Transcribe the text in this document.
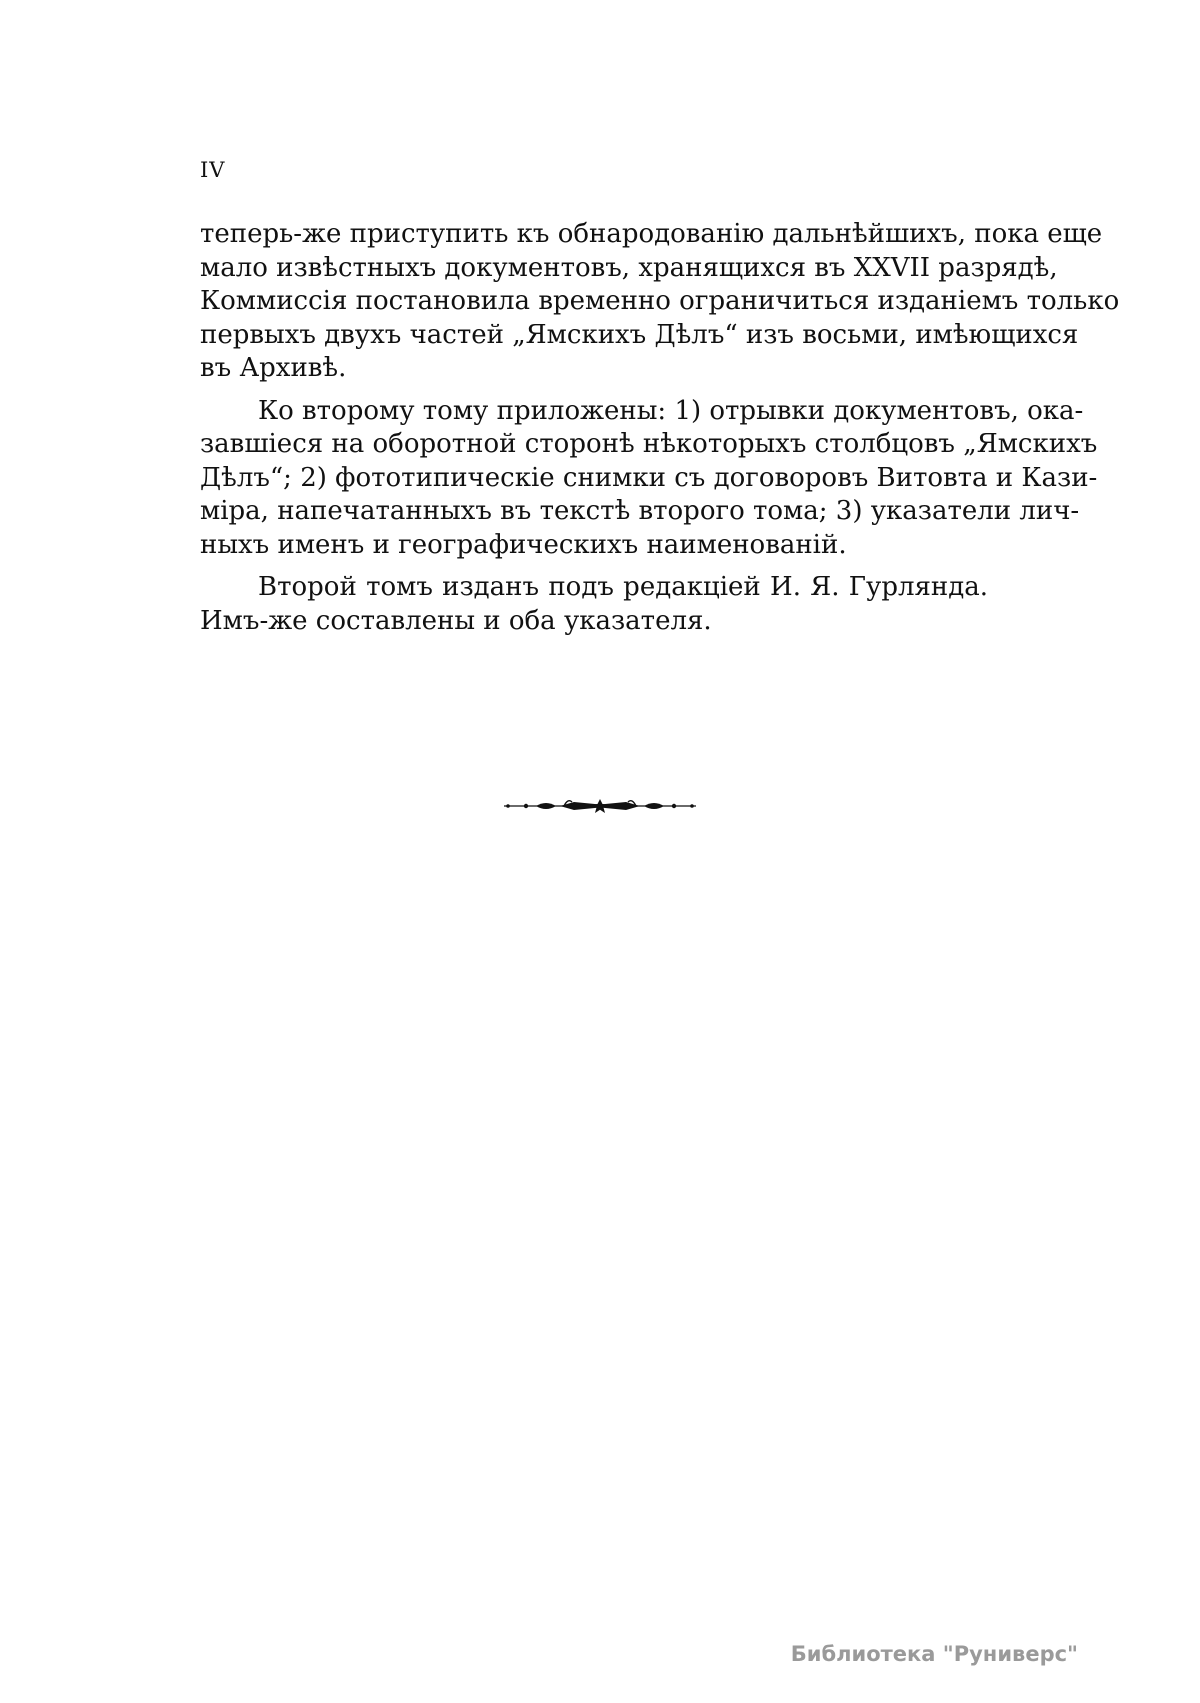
IV
теперь-же приступить къ обнародованію дальнѣйшихъ, пока еще
мало извѣстныхъ документовъ, хранящихся въ XXVII разрядѣ,
Коммиссія постановила временно ограничиться изданіемъ только
первыхъ двухъ частей „Ямскихъ Дѣлъ“ изъ восьми, имѣющихся
въ Архивѣ.
Ко второму тому приложены: 1) отрывки документовъ, ока-
завшіеся на оборотной сторонѣ нѣкоторыхъ столбцовъ „Ямскихъ
Дѣлъ“; 2) фототипическіе снимки съ договоровъ Витовта и Кази-
міра, напечатанныхъ въ текстѣ второго тома; 3) указатели лич-
ныхъ именъ и географическихъ наименованій.
Второй томъ изданъ подъ редакціей И. Я. Гурлянда.
Имъ-же составлены и оба указателя.
Библиотека "Руниверс"
